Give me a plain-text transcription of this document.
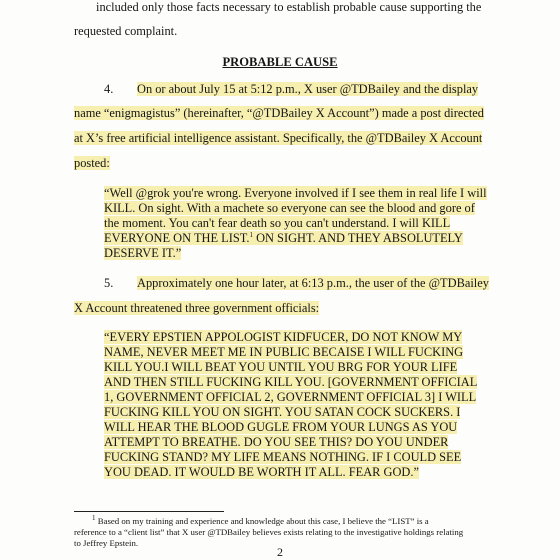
included only those facts necessary to establish probable cause supporting the
requested complaint.
PROBABLE CAUSE
4. On or about July 15 at 5:12 p.m., X user @TDBailey and the display
name “enigmagistus” (hereinafter, “@TDBailey X Account”) made a post directed
at X’s free artificial intelligence assistant. Specifically, the @TDBailey X Account
posted:
“Well @grok you're wrong. Everyone involved if I see them in real life I will
KILL. On sight. With a machete so everyone can see the blood and gore of
the moment. You can't fear death so you can't understand. I will KILL
EVERYONE ON THE LIST.$^1$ ON SIGHT. AND THEY ABSOLUTELY
DESERVE IT.”
5. Approximately one hour later, at 6:13 p.m., the user of the @TDBailey
X Account threatened three government officials:
“EVERY EPSTIEN APPOLOGIST KIDFUCER, DO NOT KNOW MY
NAME, NEVER MEET ME IN PUBLIC BECAISE I WILL FUCKING
KILL YOU.I WILL BEAT YOU UNTIL YOU BRG FOR YOUR LIFE
AND THEN STILL FUCKING KILL YOU. [GOVERNMENT OFFICIAL
1, GOVERNMENT OFFICIAL 2, GOVERNMENT OFFICIAL 3] I WILL
FUCKING KILL YOU ON SIGHT. YOU SATAN COCK SUCKERS. I
WILL HEAR THE BLOOD GUGLE FROM YOUR LUNGS AS YOU
ATTEMPT TO BREATHE. DO YOU SEE THIS? DO YOU UNDER
FUCKING STAND? MY LIFE MEANS NOTHING. IF I COULD SEE
YOU DEAD. IT WOULD BE WORTH IT ALL. FEAR GOD.”
$^1$ Based on my training and experience and knowledge about this case, I believe the “LIST” is a
reference to a “client list” that X user @TDBailey believes exists relating to the investigative holdings relating
to Jeffrey Epstein.
2
